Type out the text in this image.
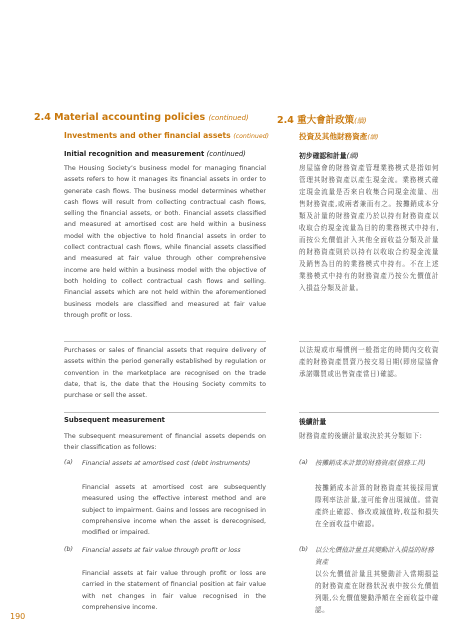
2.4 Material accounting policies (continued)
Investments and other financial assets (continued)
Initial recognition and measurement (continued)
The Housing Society’s business model for managing financial assets refers to how it manages its financial assets in order to generate cash flows. The business model determines whether cash flows will result from collecting contractual cash flows, selling the financial assets, or both. Financial assets classified and measured at amortised cost are held within a business model with the objective to hold financial assets in order to collect contractual cash flows, while financial assets classified and measured at fair value through other comprehensive income are held within a business model with the objective of both holding to collect contractual cash flows and selling. Financial assets which are not held within the aforementioned business models are classified and measured at fair value through profit or loss.
Purchases or sales of financial assets that require delivery of assets within the period generally established by regulation or convention in the marketplace are recognised on the trade date, that is, the date that the Housing Society commits to purchase or sell the asset.
Subsequent measurement
The subsequent measurement of financial assets depends on their classification as follows:
(a) Financial assets at amortised cost (debt instruments)
Financial assets at amortised cost are subsequently measured using the effective interest method and are subject to impairment. Gains and losses are recognised in comprehensive income when the asset is derecognised, modified or impaired.
(b) Financial assets at fair value through profit or loss
Financial assets at fair value through profit or loss are carried in the statement of financial position at fair value with net changes in fair value recognised in the comprehensive income.
2.4 重大會計政策(續)
投資及其他財務資產(續)
初步確認和計量(續)
房屋協會的財務資產管理業務模式是指如何管理其財務資產以產生現金流。業務模式確定現金流量是否來自收集合同現金流量、出售財務資產,或兩者兼而有之。按攤銷成本分類及計量的財務資產乃於以持有財務資產以收取合約現金流量為目的的業務模式中持有,而按公允價值計入其他全面收益分類及計量的財務資產則於以持有以收取合約現金流量及銷售為目的的業務模式中持有。不在上述業務模式中持有的財務資產乃按公允價值計入損益分類及計量。
以法規或市場慣例一般指定的時間內交收資產的財務資產買賣乃按交易日期(即房屋協會承諾購買或出售資產當日)確認。
後續計量
財務資產的後續計量取決於其分類如下:
(a) 按攤銷成本計算的財務資產(債務工具)
按攤銷成本計算的財務資產其後採用實際利率法計量,並可能會出現減值。當資產終止確認、修改或減值時,收益和損失在全面收益中確認。
(b) 以公允價值計量且其變動計入損益的財務資產
以公允價值計量且其變動計入當期損益的財務資產在財務狀況表中按公允價值列賬,公允價值變動淨額在全面收益中確認。
190
